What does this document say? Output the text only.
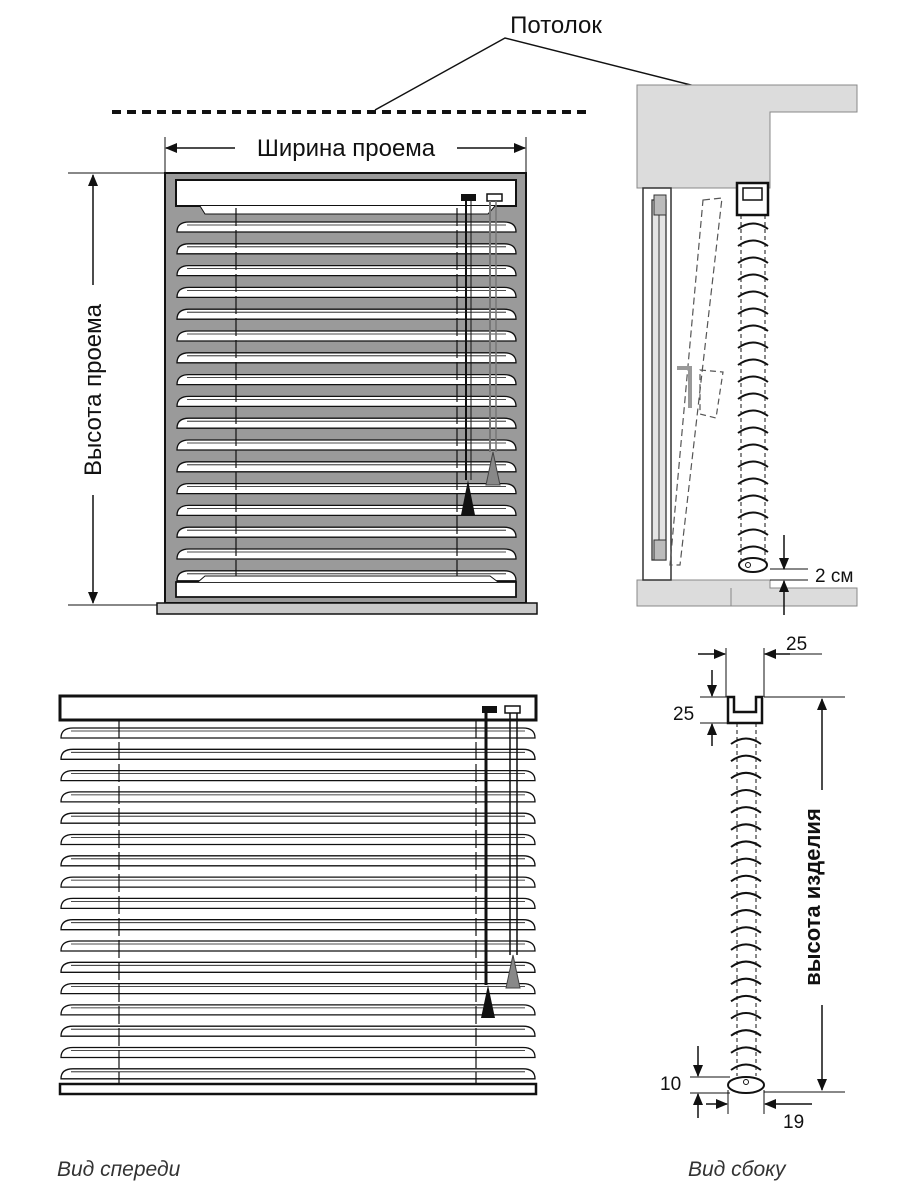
Потолок
Ширина проема
Высота проема
2 см
25
25
высота изделия
10
19
Вид спереди	Вид сбоку
